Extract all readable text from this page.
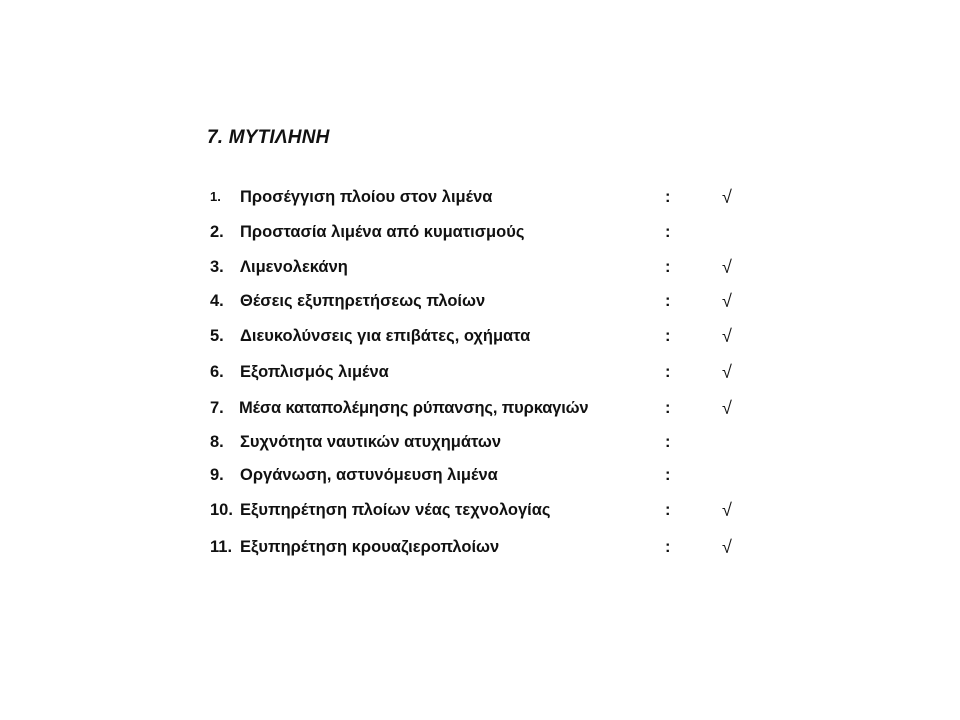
7. ΜΥΤΙΛΗΝΗ
1. Προσέγγιση πλοίου στον λιμένα	:	√
2. Προστασία λιμένα από κυματισμούς	:
3. Λιμενολεκάνη	:	√
4. Θέσεις εξυπηρετήσεως πλοίων	:	√
5. Διευκολύνσεις για επιβάτες, οχήματα	:	√
6. Εξοπλισμός λιμένα	:	√
7. Μέσα καταπολέμησης ρύπανσης, πυρκαγιών	:	√
8. Συχνότητα ναυτικών ατυχημάτων	:
9. Οργάνωση, αστυνόμευση λιμένα	:
10. Εξυπηρέτηση πλοίων νέας τεχνολογίας	:	√
11. Εξυπηρέτηση κρουαζιεροπλοίων	:	√
